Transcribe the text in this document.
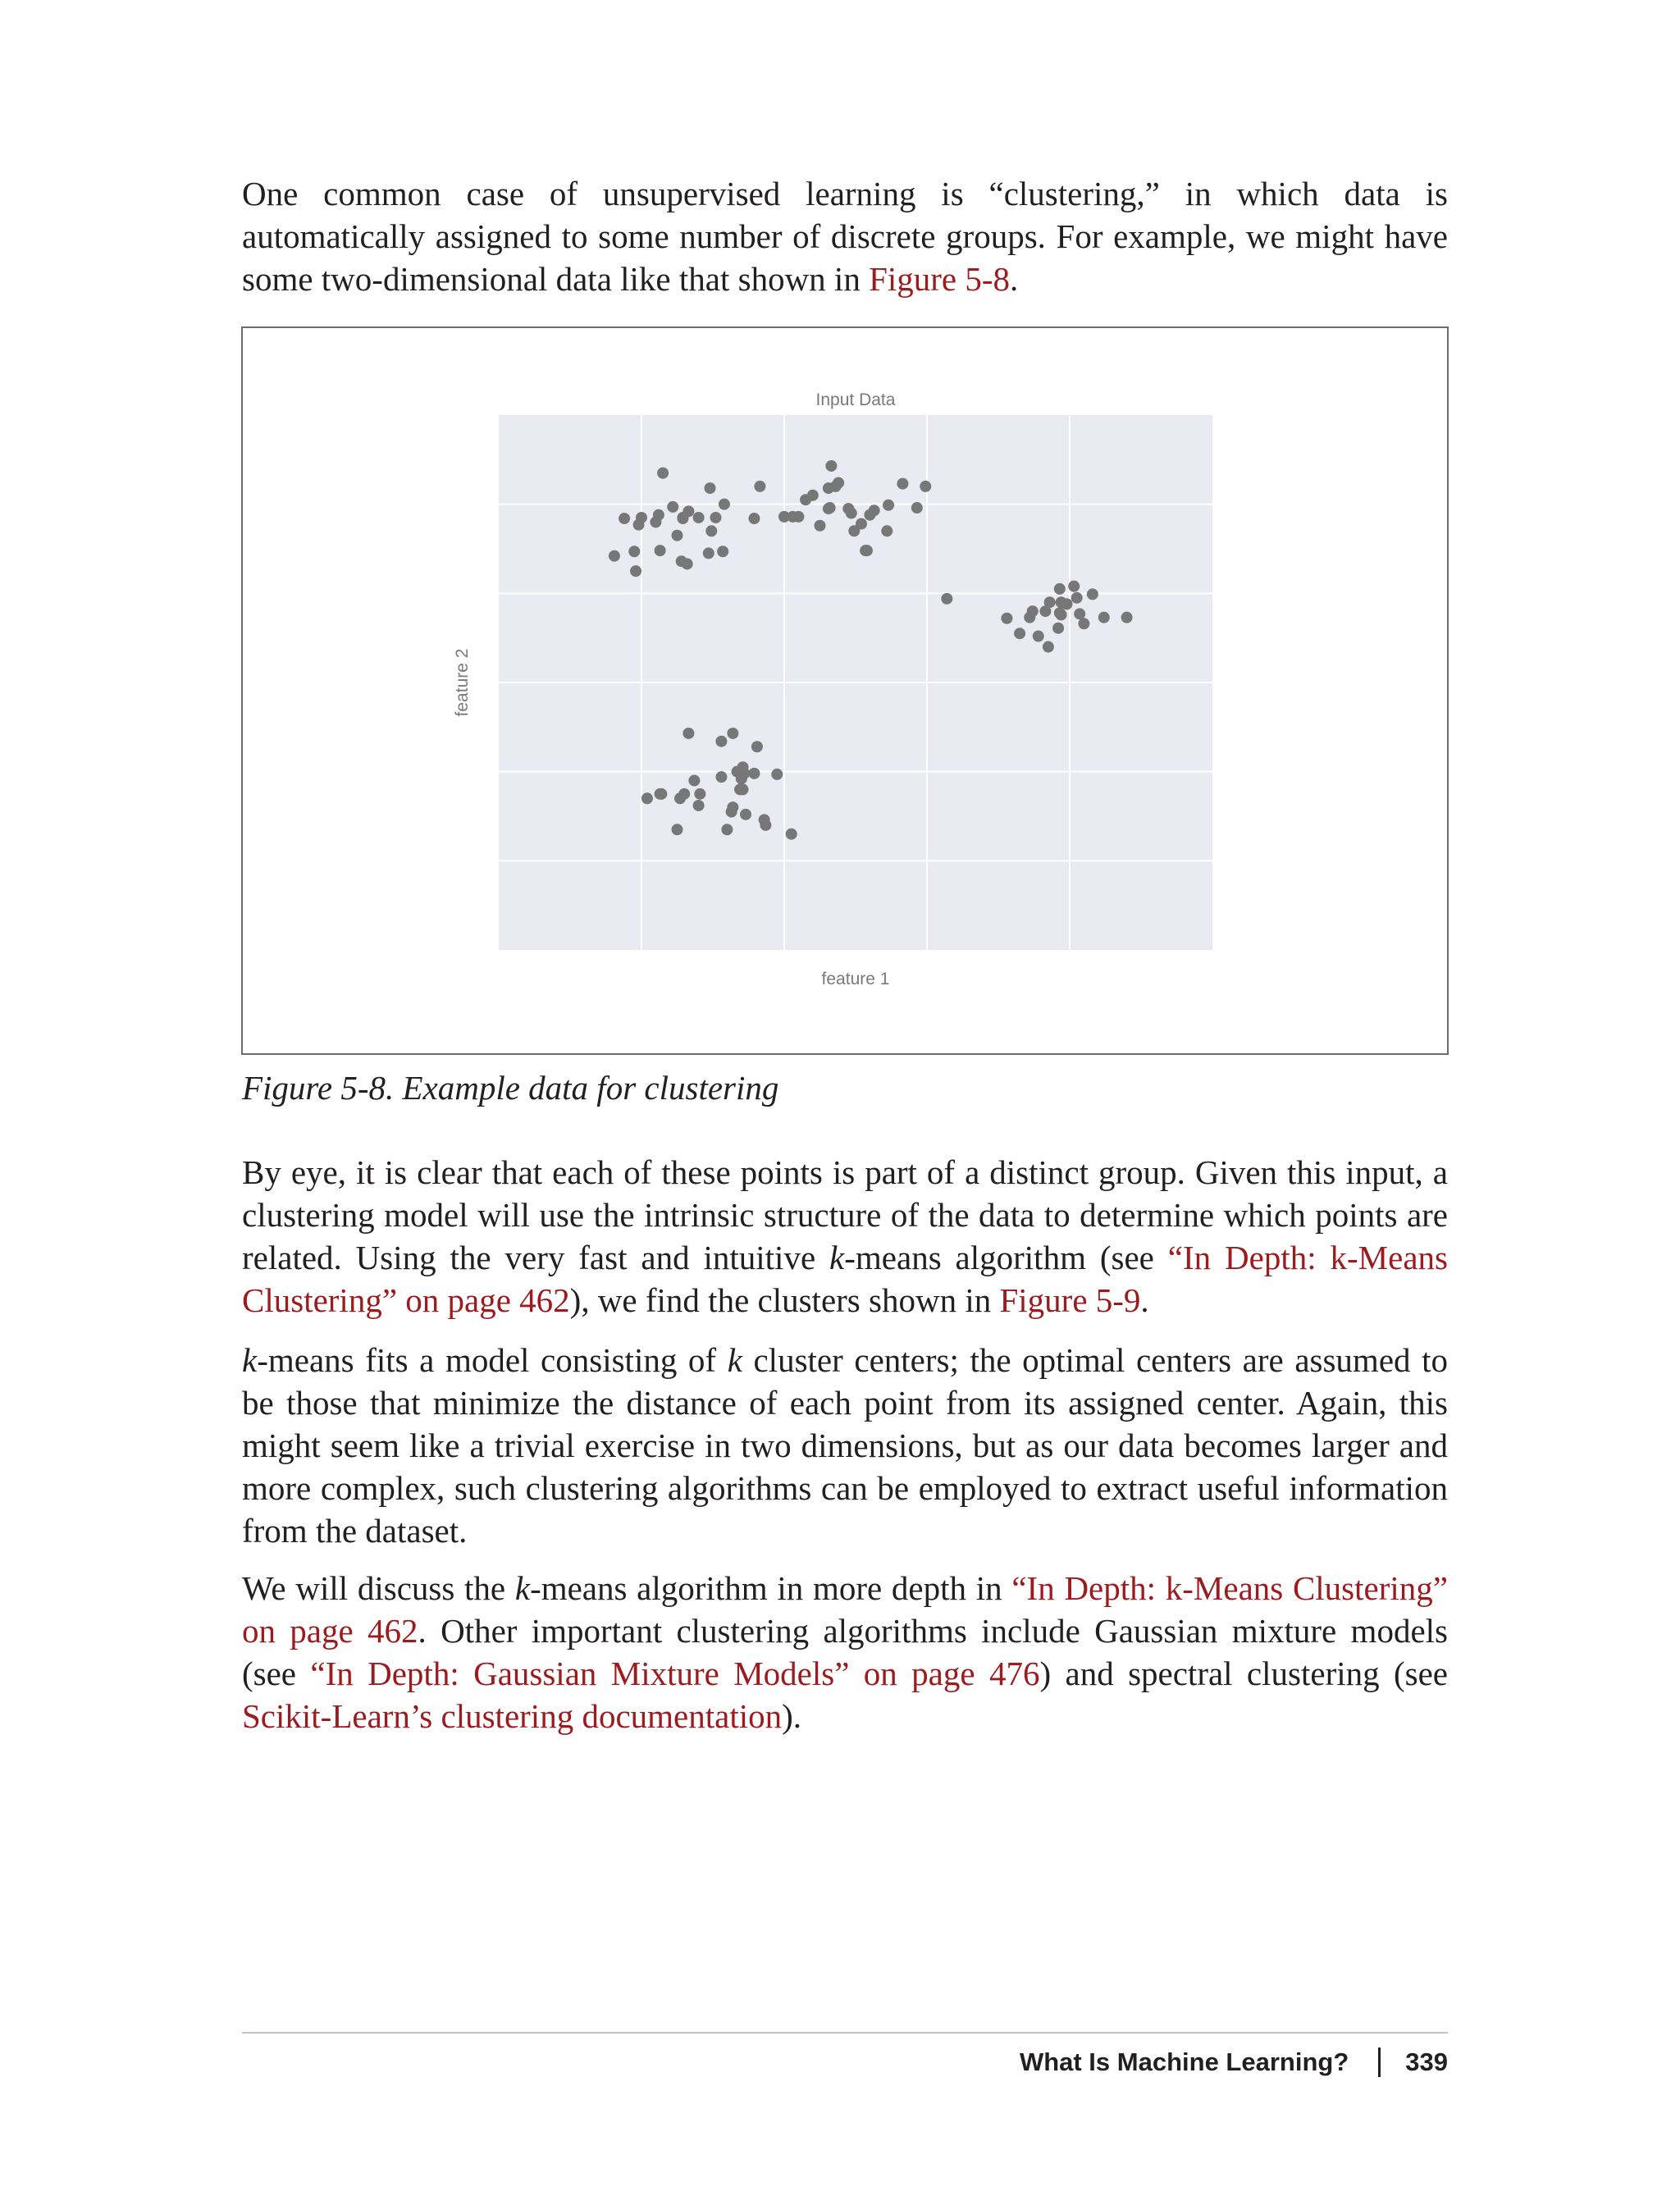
One common case of unsupervised learning is “clustering,” in which data is automatically assigned to some number of discrete groups. For example, we might have some two-dimensional data like that shown in Figure 5-8.

Input Data
feature 1
feature 2

Figure 5-8. Example data for clustering

By eye, it is clear that each of these points is part of a distinct group. Given this input, a clustering model will use the intrinsic structure of the data to determine which points are related. Using the very fast and intuitive k-means algorithm (see “In Depth: k-Means Clustering” on page 462), we find the clusters shown in Figure 5-9.

k-means fits a model consisting of k cluster centers; the optimal centers are assumed to be those that minimize the distance of each point from its assigned center. Again, this might seem like a trivial exercise in two dimensions, but as our data becomes larger and more complex, such clustering algorithms can be employed to extract useful information from the dataset.

We will discuss the k-means algorithm in more depth in “In Depth: k-Means Clustering” on page 462. Other important clustering algorithms include Gaussian mixture models (see “In Depth: Gaussian Mixture Models” on page 476) and spectral clustering (see Scikit-Learn’s clustering documentation).

What Is Machine Learning? 339
